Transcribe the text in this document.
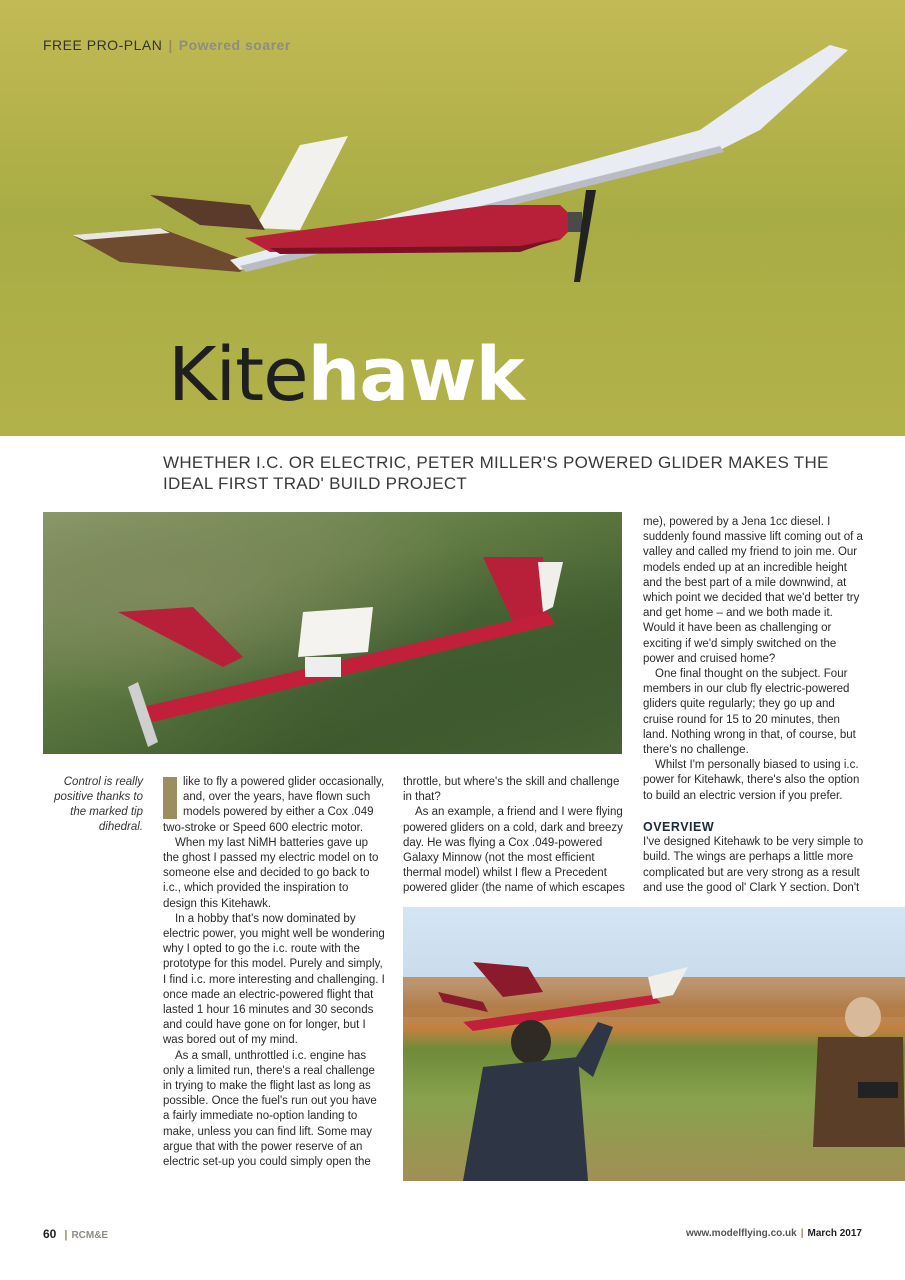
FREE PRO-PLAN | Powered soarer
Kitehawk
WHETHER I.C. OR ELECTRIC, PETER MILLER'S POWERED GLIDER MAKES THE IDEAL FIRST TRAD' BUILD PROJECT
Control is really positive thanks to the marked tip dihedral.

like to fly a powered glider occasionally, and, over the years, have flown such models powered by either a Cox .049 two-stroke or Speed 600 electric motor.

When my last NiMH batteries gave up the ghost I passed my electric model on to someone else and decided to go back to i.c., which provided the inspiration to design this Kitehawk.

In a hobby that's now dominated by electric power, you might well be wondering why I opted to go the i.c. route with the prototype for this model. Purely and simply, I find i.c. more interesting and challenging. I once made an electric-powered flight that lasted 1 hour 16 minutes and 30 seconds and could have gone on for longer, but I was bored out of my mind.

As a small, unthrottled i.c. engine has only a limited run, there's a real challenge in trying to make the flight last as long as possible. Once the fuel's run out you have a fairly immediate no-option landing to make, unless you can find lift. Some may argue that with the power reserve of an electric set-up you could simply open the

throttle, but where's the skill and challenge in that?

As an example, a friend and I were flying powered gliders on a cold, dark and breezy day. He was flying a Cox .049-powered Galaxy Minnow (not the most efficient thermal model) whilst I flew a Precedent powered glider (the name of which escapes

me), powered by a Jena 1cc diesel. I suddenly found massive lift coming out of a valley and called my friend to join me. Our models ended up at an incredible height and the best part of a mile downwind, at which point we decided that we'd better try and get home – and we both made it. Would it have been as challenging or exciting if we'd simply switched on the power and cruised home?

One final thought on the subject. Four members in our club fly electric-powered gliders quite regularly; they go up and cruise round for 15 to 20 minutes, then land. Nothing wrong in that, of course, but there's no challenge.

Whilst I'm personally biased to using i.c. power for Kitehawk, there's also the option to build an electric version if you prefer.

OVERVIEW

I've designed Kitehawk to be very simple to build. The wings are perhaps a little more complicated but are very strong as a result and use the good ol' Clark Y section. Don't

60 | RCM&E	www.modelflying.co.uk | March 2017
